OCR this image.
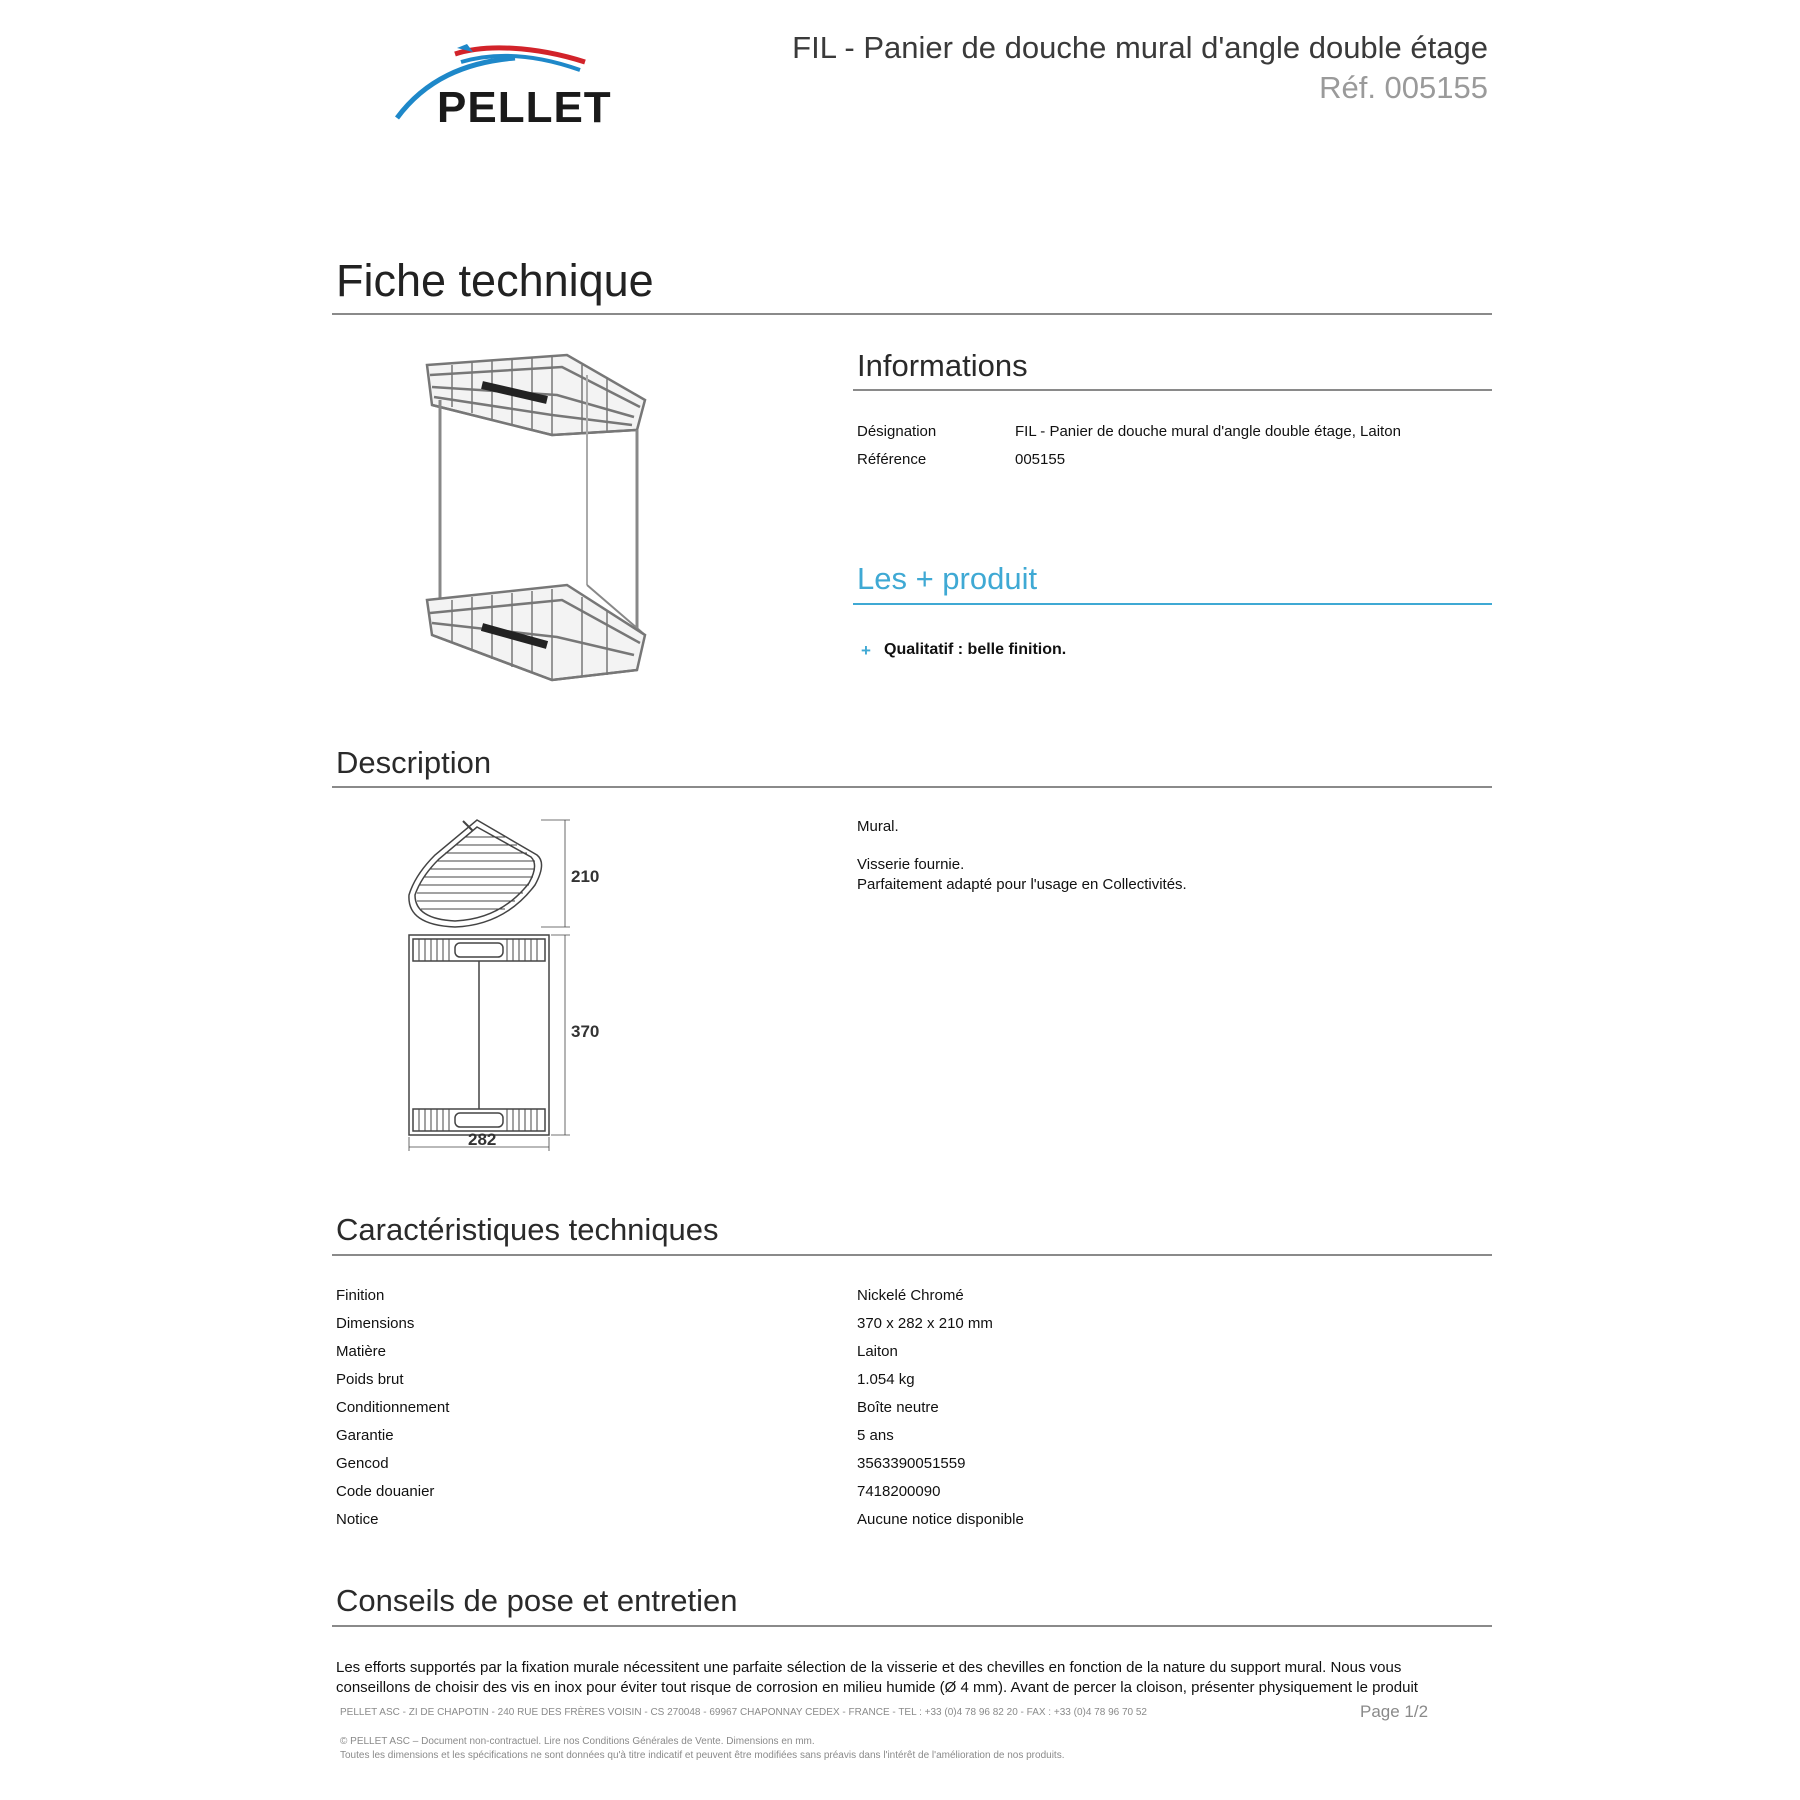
PELLET
FIL - Panier de douche mural d'angle double étage
Réf. 005155
Fiche technique
Informations
Désignation	FIL - Panier de douche mural d'angle double étage, Laiton
Référence	005155
Les + produit
+ Qualitatif : belle finition.
Description
210
370
282
Mural.
Visserie fournie.
Parfaitement adapté pour l'usage en Collectivités.
Caractéristiques techniques
Finition	Nickelé Chromé
Dimensions	370 x 282 x 210 mm
Matière	Laiton
Poids brut	1.054 kg
Conditionnement	Boîte neutre
Garantie	5 ans
Gencod	3563390051559
Code douanier	7418200090
Notice	Aucune notice disponible
Conseils de pose et entretien
Les efforts supportés par la fixation murale nécessitent une parfaite sélection de la visserie et des chevilles en fonction de la nature du support mural. Nous vous
conseillons de choisir des vis en inox pour éviter tout risque de corrosion en milieu humide (Ø 4 mm). Avant de percer la cloison, présenter physiquement le produit
PELLET ASC - ZI DE CHAPOTIN - 240 RUE DES FRÈRES VOISIN - CS 270048 - 69967 CHAPONNAY CEDEX - FRANCE - TEL : +33 (0)4 78 96 82 20 - FAX : +33 (0)4 78 96 70 52	Page 1/2
© PELLET ASC – Document non-contractuel. Lire nos Conditions Générales de Vente. Dimensions en mm.
Toutes les dimensions et les spécifications ne sont données qu'à titre indicatif et peuvent être modifiées sans préavis dans l'intérêt de l'amélioration de nos produits.
